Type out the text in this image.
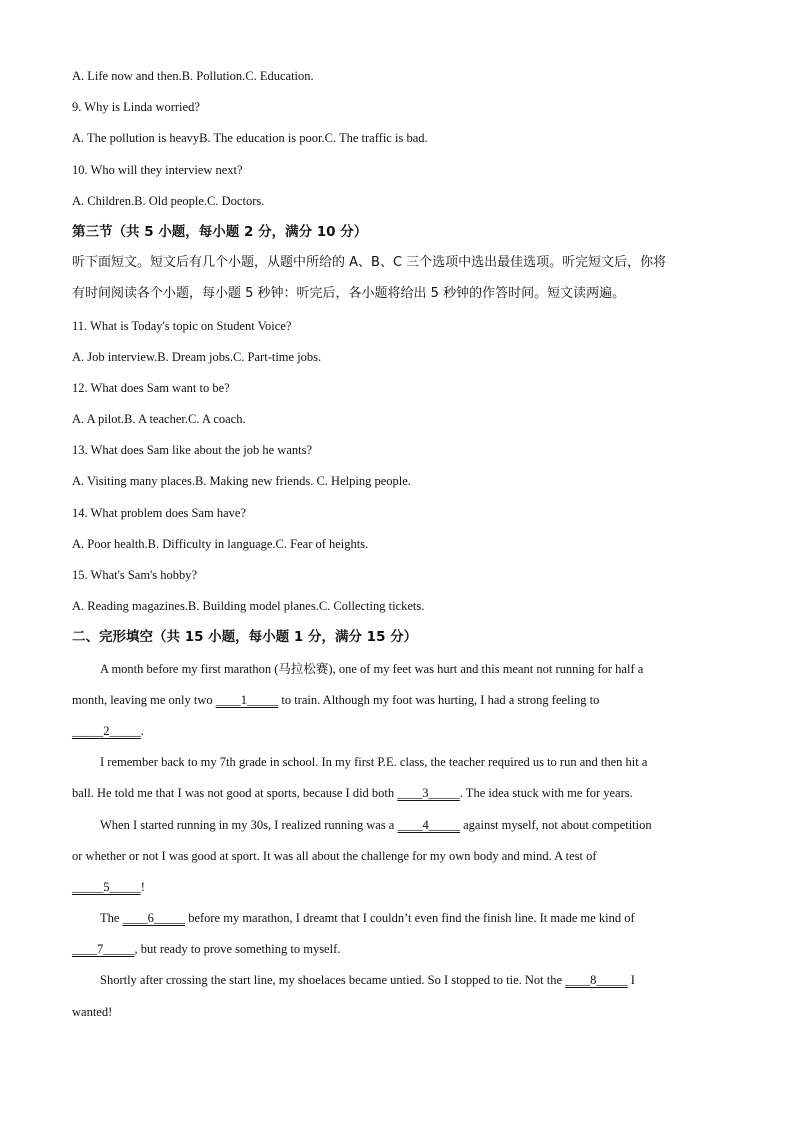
A. Life now and then.B. Pollution.C. Education.
9. Why is Linda worried?
A. The pollution is heavyB. The education is poor.C. The traffic is bad.
10. Who will they interview next?
A. Children.B. Old people.C. Doctors.
第三节（共 5 小题，每小题 2 分，满分 10 分）
听下面短文。短文后有几个小题，从题中所给的 A、B、C 三个选项中选出最佳选项。听完短文后，你将
有时间阅读各个小题，每小题 5 秒钟：听完后，各小题将给出 5 秒钟的作答时间。短文读两遍。
11. What is Today's topic on Student Voice?
A. Job interview.B. Dream jobs.C. Part-time jobs.
12. What does Sam want to be?
A. A pilot.B. A teacher.C. A coach.
13. What does Sam like about the job he wants?
A. Visiting many places.B. Making new friends. C. Helping people.
14. What problem does Sam have?
A. Poor health.B. Difficulty in language.C. Fear of heights.
15. What's Sam's hobby?
A. Reading magazines.B. Building model planes.C. Collecting tickets.
二、完形填空（共 15 小题，每小题 1 分，满分 15 分）
A month before my first marathon (马拉松赛), one of my feet was hurt and this meant not running for half a
month, leaving me only two ____1_____ to train. Although my foot was hurting, I had a strong feeling to
_____2_____.
I remember back to my 7th grade in school. In my first P.E. class, the teacher required us to run and then hit a
ball. He told me that I was not good at sports, because I did both ____3_____. The idea stuck with me for years.
When I started running in my 30s, I realized running was a ____4_____ against myself, not about competition
or whether or not I was good at sport. It was all about the challenge for my own body and mind. A test of
_____5_____!
The ____6_____ before my marathon, I dreamt that I couldn’t even find the finish line. It made me kind of
____7_____, but ready to prove something to myself.
Shortly after crossing the start line, my shoelaces became untied. So I stopped to tie. Not the ____8_____ I
wanted!
